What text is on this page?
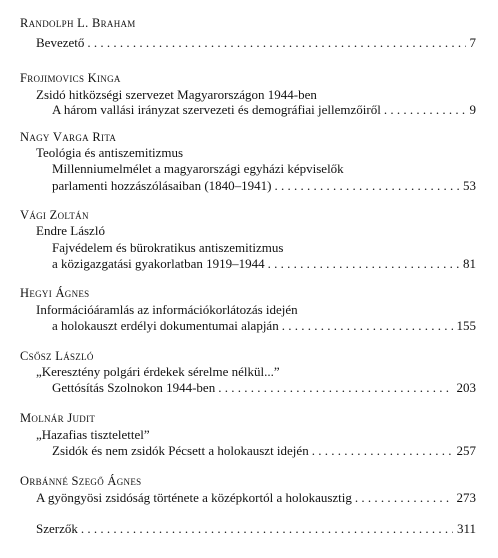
Randolph L. Braham
Bevezető . . .	7
Frojimovics Kinga
Zsidó hitközségi szervezet Magyarországon 1944-ben
A három vallási irányzat szervezeti és demográfiai jellemzőiről . . .	9
Nagy Varga Rita
Teológia és antiszemitizmus
Millenniumelmélet a magyarországi egyházi képviselők
parlamenti hozzászólásaiban (1840–1941) . . .	53
Vági Zoltán
Endre László
Fajvédelem és bürokratikus antiszemitizmus
a közigazgatási gyakorlatban 1919–1944 . . .	81
Hegyi Ágnes
Információáramlás az információkorlátozás idején
a holokauszt erdélyi dokumentumai alapján . . .	155
Csősz László
„Keresztény polgári érdekek sérelme nélkül...”
Gettósítás Szolnokon 1944-ben . . .	203
Molnár Judit
„Hazafias tisztelettel”
Zsidók és nem zsidók Pécsett a holokauszt idején . . .	257
Orbánné Szegő Ágnes
A gyöngyösi zsidóság története a középkortól a holokausztig . . .	273
Szerzők . . .	311
